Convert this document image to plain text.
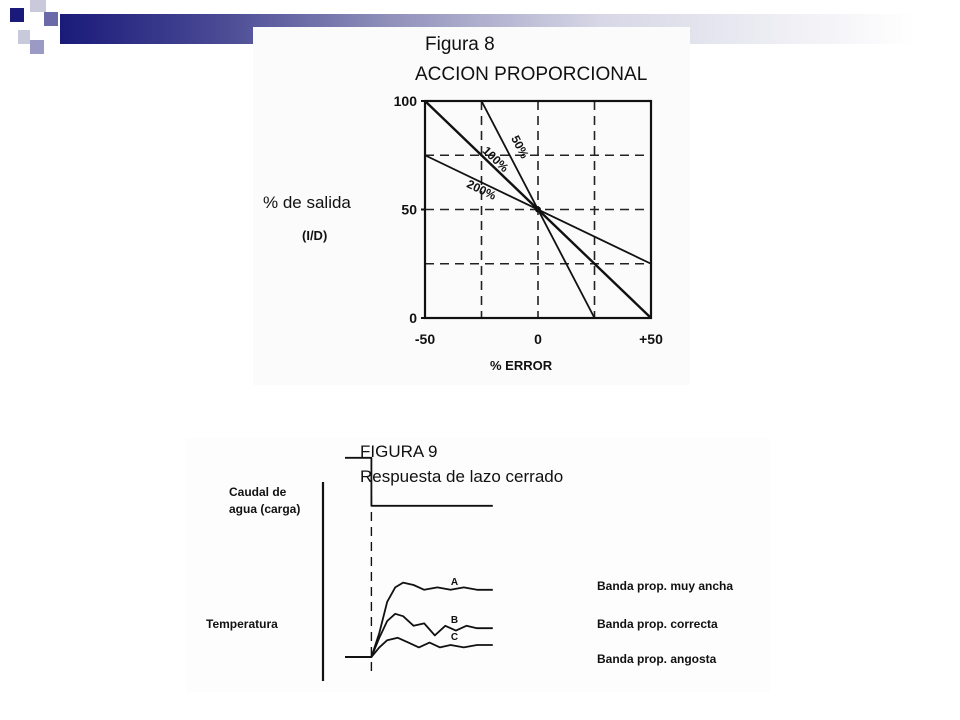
Figura 8
ACCION PROPORCIONAL
% de salida
(I/D)
% ERROR
100
50
0
-50	0	+50
50%
100%
200%
FIGURA 9
Respuesta de lazo cerrado
Caudal de
agua (carga)
Temperatura
A	Banda prop. muy ancha
B	Banda prop. correcta
C
Banda prop. angosta
